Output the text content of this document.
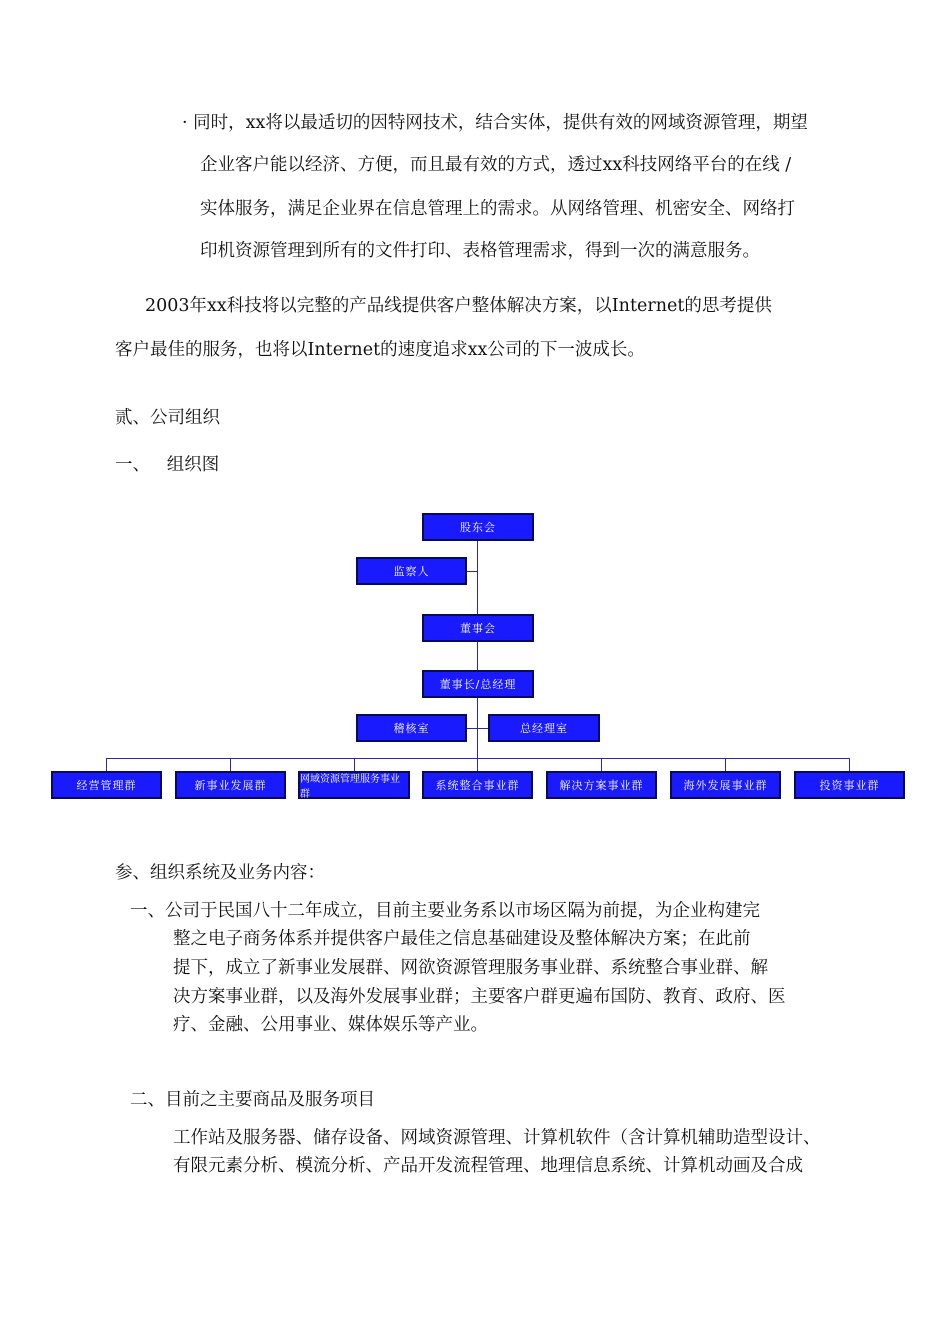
· 同时，xx将以最适切的因特网技术，结合实体，提供有效的网域资源管理，期望
企业客户能以经济、方便，而且最有效的方式，透过xx科技网络平台的在线 /
实体服务，满足企业界在信息管理上的需求。从网络管理、机密安全、网络打
印机资源管理到所有的文件打印、表格管理需求，得到一次的满意服务。
2003年xx科技将以完整的产品线提供客户整体解决方案，以Internet的思考提供
客户最佳的服务，也将以Internet的速度追求xx公司的下一波成长。
贰、公司组织
一、   组织图
股东会
监察人
董事会
董事长/总经理
稽核室	总经理室
经营管理群	新事业发展群	网域资源管理服务事业群
系统整合事业群	解决方案事业群	海外发展事业群	投资事业群
参、组织系统及业务内容：
一、公司于民国八十二年成立，目前主要业务系以市场区隔为前提，为企业构建完
整之电子商务体系并提供客户最佳之信息基础建设及整体解决方案；在此前
提下，成立了新事业发展群、网欲资源管理服务事业群、系统整合事业群、解
决方案事业群，以及海外发展事业群；主要客户群更遍布国防、教育、政府、医
疗、金融、公用事业、媒体娱乐等产业。
二、目前之主要商品及服务项目
工作站及服务器、储存设备、网域资源管理、计算机软件（含计算机辅助造型设计、
有限元素分析、模流分析、产品开发流程管理、地理信息系统、计算机动画及合成
